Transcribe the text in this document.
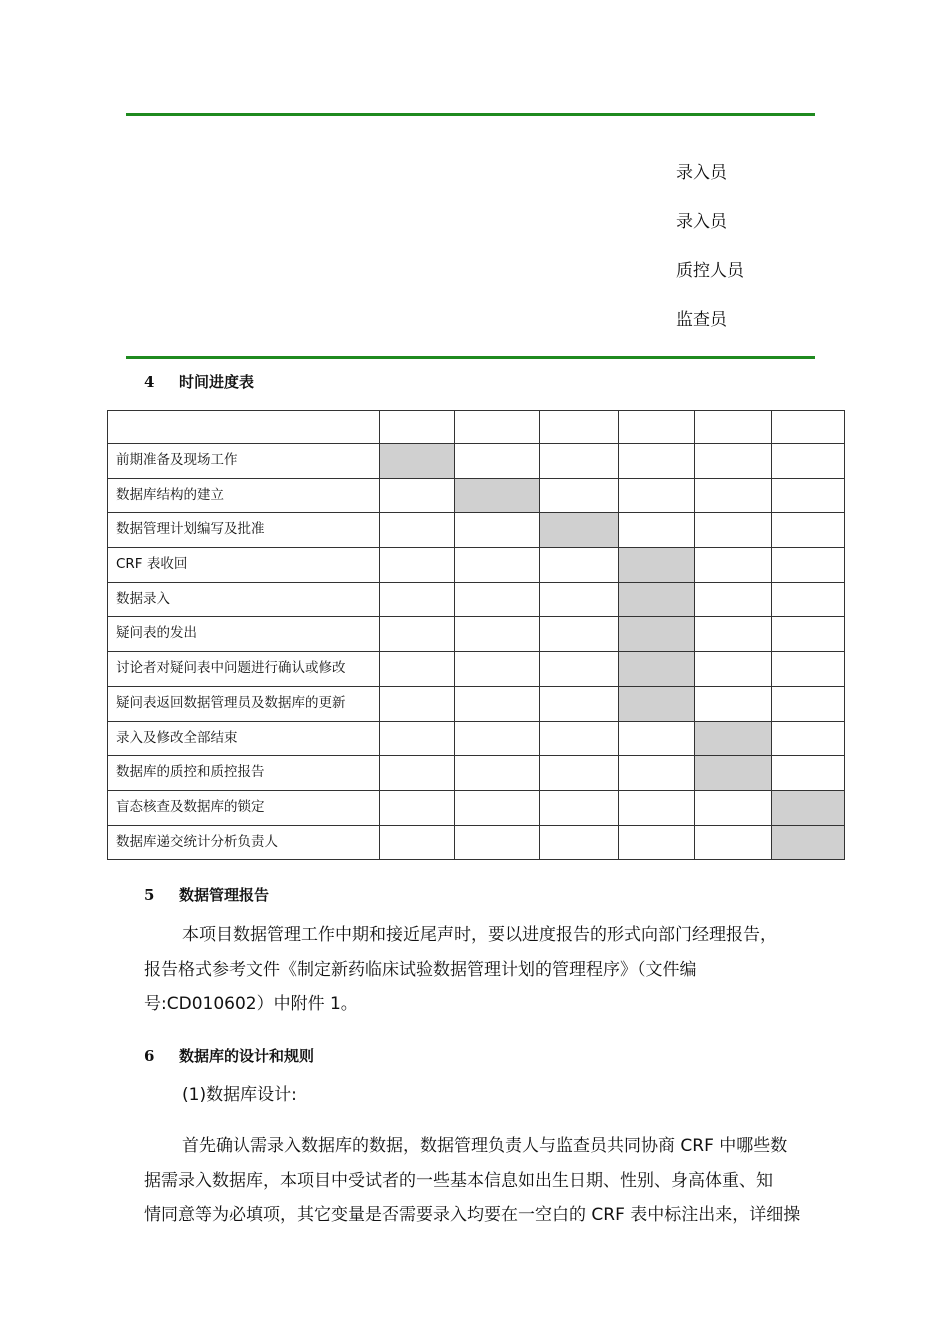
录入员
录入员
质控人员
监查员
4 时间进度表

前期准备及现场工作						
数据库结构的建立						
数据管理计划编写及批准						
CRF 表收回						
数据录入						
疑问表的发出						
讨论者对疑问表中问题进行确认或修改						
疑问表返回数据管理员及数据库的更新						
录入及修改全部结束						
数据库的质控和质控报告						
盲态核查及数据库的锁定						
数据库递交统计分析负责人						
5 数据管理报告
本项目数据管理工作中期和接近尾声时，要以进度报告的形式向部门经理报告，
报告格式参考文件《制定新药临床试验数据管理计划的管理程序》（文件编
号:CD010602）中附件 1。
6 数据库的设计和规则
(1)数据库设计:
首先确认需录入数据库的数据，数据管理负责人与监查员共同协商 CRF 中哪些数
据需录入数据库，本项目中受试者的一些基本信息如出生日期、性别、身高体重、知
情同意等为必填项，其它变量是否需要录入均要在一空白的 CRF 表中标注出来，详细操
